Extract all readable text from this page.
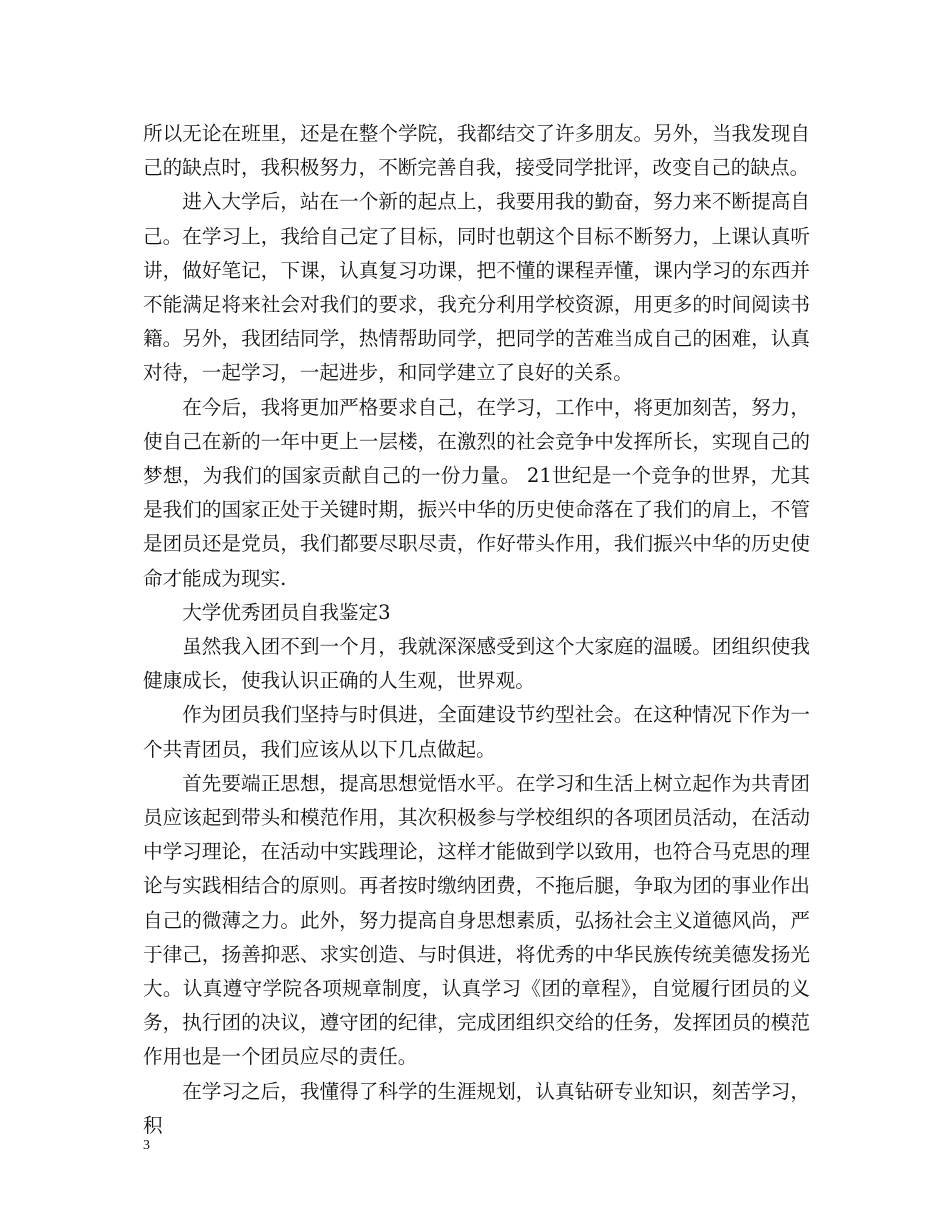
所以无论在班里，还是在整个学院，我都结交了许多朋友。另外，当我发现自己的缺点时，我积极努力，不断完善自我，接受同学批评，改变自己的缺点。

进入大学后，站在一个新的起点上，我要用我的勤奋，努力来不断提高自己。在学习上，我给自己定了目标，同时也朝这个目标不断努力，上课认真听讲，做好笔记，下课，认真复习功课，把不懂的课程弄懂，课内学习的东西并不能满足将来社会对我们的要求，我充分利用学校资源，用更多的时间阅读书籍。另外，我团结同学，热情帮助同学，把同学的苦难当成自己的困难，认真对待，一起学习，一起进步，和同学建立了良好的关系。

在今后，我将更加严格要求自己，在学习，工作中，将更加刻苦，努力，使自己在新的一年中更上一层楼，在激烈的社会竞争中发挥所长，实现自己的梦想，为我们的国家贡献自己的一份力量。 21世纪是一个竞争的世界，尤其是我们的国家正处于关键时期，振兴中华的历史使命落在了我们的肩上，不管是团员还是党员，我们都要尽职尽责，作好带头作用，我们振兴中华的历史使命才能成为现实.

大学优秀团员自我鉴定3

虽然我入团不到一个月，我就深深感受到这个大家庭的温暖。团组织使我健康成长，使我认识正确的人生观，世界观。

作为团员我们坚持与时俱进，全面建设节约型社会。在这种情况下作为一个共青团员，我们应该从以下几点做起。

首先要端正思想，提高思想觉悟水平。在学习和生活上树立起作为共青团员应该起到带头和模范作用，其次积极参与学校组织的各项团员活动，在活动中学习理论，在活动中实践理论，这样才能做到学以致用，也符合马克思的理论与实践相结合的原则。再者按时缴纳团费，不拖后腿，争取为团的事业作出自己的微薄之力。此外，努力提高自身思想素质，弘扬社会主义道德风尚，严于律己，扬善抑恶、求实创造、与时俱进，将优秀的中华民族传统美德发扬光大。认真遵守学院各项规章制度，认真学习《团的章程》，自觉履行团员的义务，执行团的决议，遵守团的纪律，完成团组织交给的任务，发挥团员的模范作用也是一个团员应尽的责任。

在学习之后，我懂得了科学的生涯规划，认真钻研专业知识，刻苦学习，积

3
